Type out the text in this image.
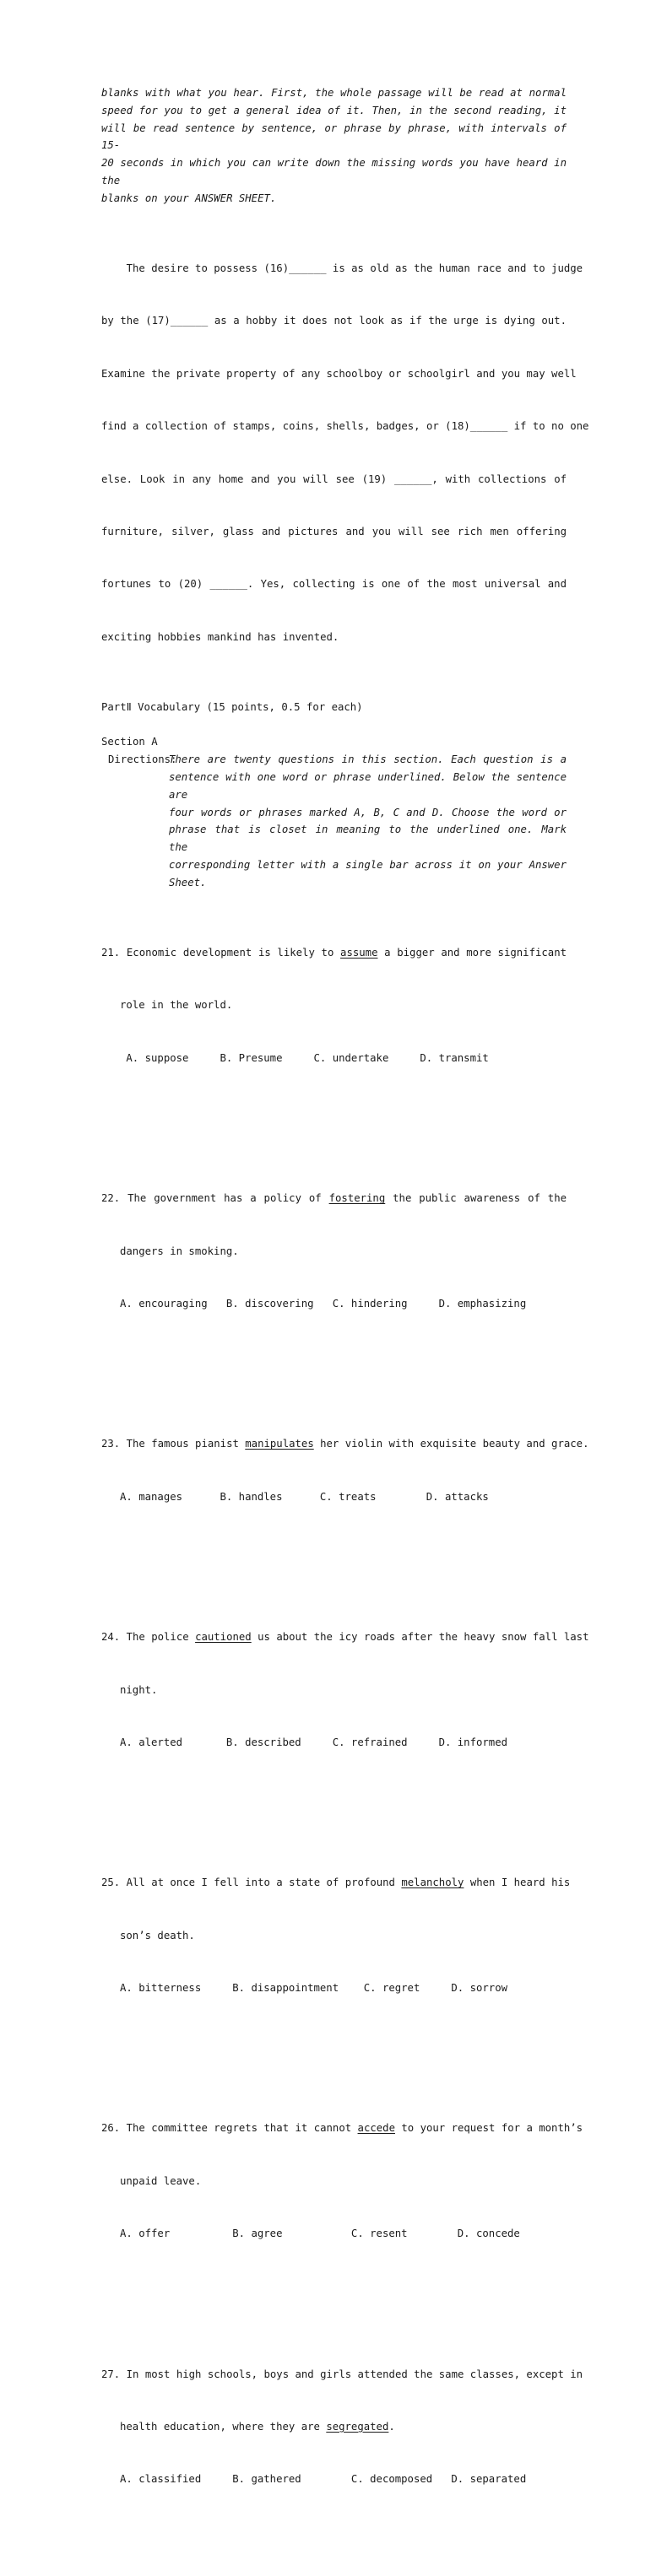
blanks with what you hear. First, the whole passage will be read at normal

speed for you to get a general idea of it. Then, in the second reading, it

will be read sentence by sentence, or phrase by phrase, with intervals of 15-

20 seconds in which you can write down the missing words you have heard in the

blanks on your ANSWER SHEET.

The desire to possess (16)______ is as old as the human race and to judge

by the (17)______ as a hobby it does not look as if the urge is dying out.

Examine the private property of any schoolboy or schoolgirl and you may well

find a collection of stamps, coins, shells, badges, or (18)______ if to no one

else. Look in any home and you will see (19) ______, with collections of

furniture, silver, glass and pictures and you will see rich men offering

fortunes to (20) ______. Yes, collecting is one of the most universal and

exciting hobbies mankind has invented.

PartⅡ Vocabulary (15 points, 0.5 for each)

Section A

Directions:

There are twenty questions in this section. Each question is a

sentence with one word or phrase underlined. Below the sentence are

four words or phrases marked A, B, C and D. Choose the word or

phrase that is closet in meaning to the underlined one. Mark the

corresponding letter with a single bar across it on your Answer

Sheet.

21. Economic development is likely to assume a bigger and more significant

role in the world.

A. suppose     B. Presume     C. undertake     D. transmit

22. The government has a policy of fostering the public awareness of the

dangers in smoking.

A. encouraging   B. discovering   C. hindering     D. emphasizing

23. The famous pianist manipulates her violin with exquisite beauty and grace.

A. manages      B. handles      C. treats        D. attacks

24. The police cautioned us about the icy roads after the heavy snow fall last

night.

A. alerted       B. described     C. refrained     D. informed

25. All at once I fell into a state of profound melancholy when I heard his

son’s death.

A. bitterness     B. disappointment    C. regret     D. sorrow

26. The committee regrets that it cannot accede to your request for a month’s

unpaid leave.

A. offer          B. agree           C. resent        D. concede

27. In most high schools, boys and girls attended the same classes, except in

health education, where they are segregated.

A. classified     B. gathered        C. decomposed   D. separated
